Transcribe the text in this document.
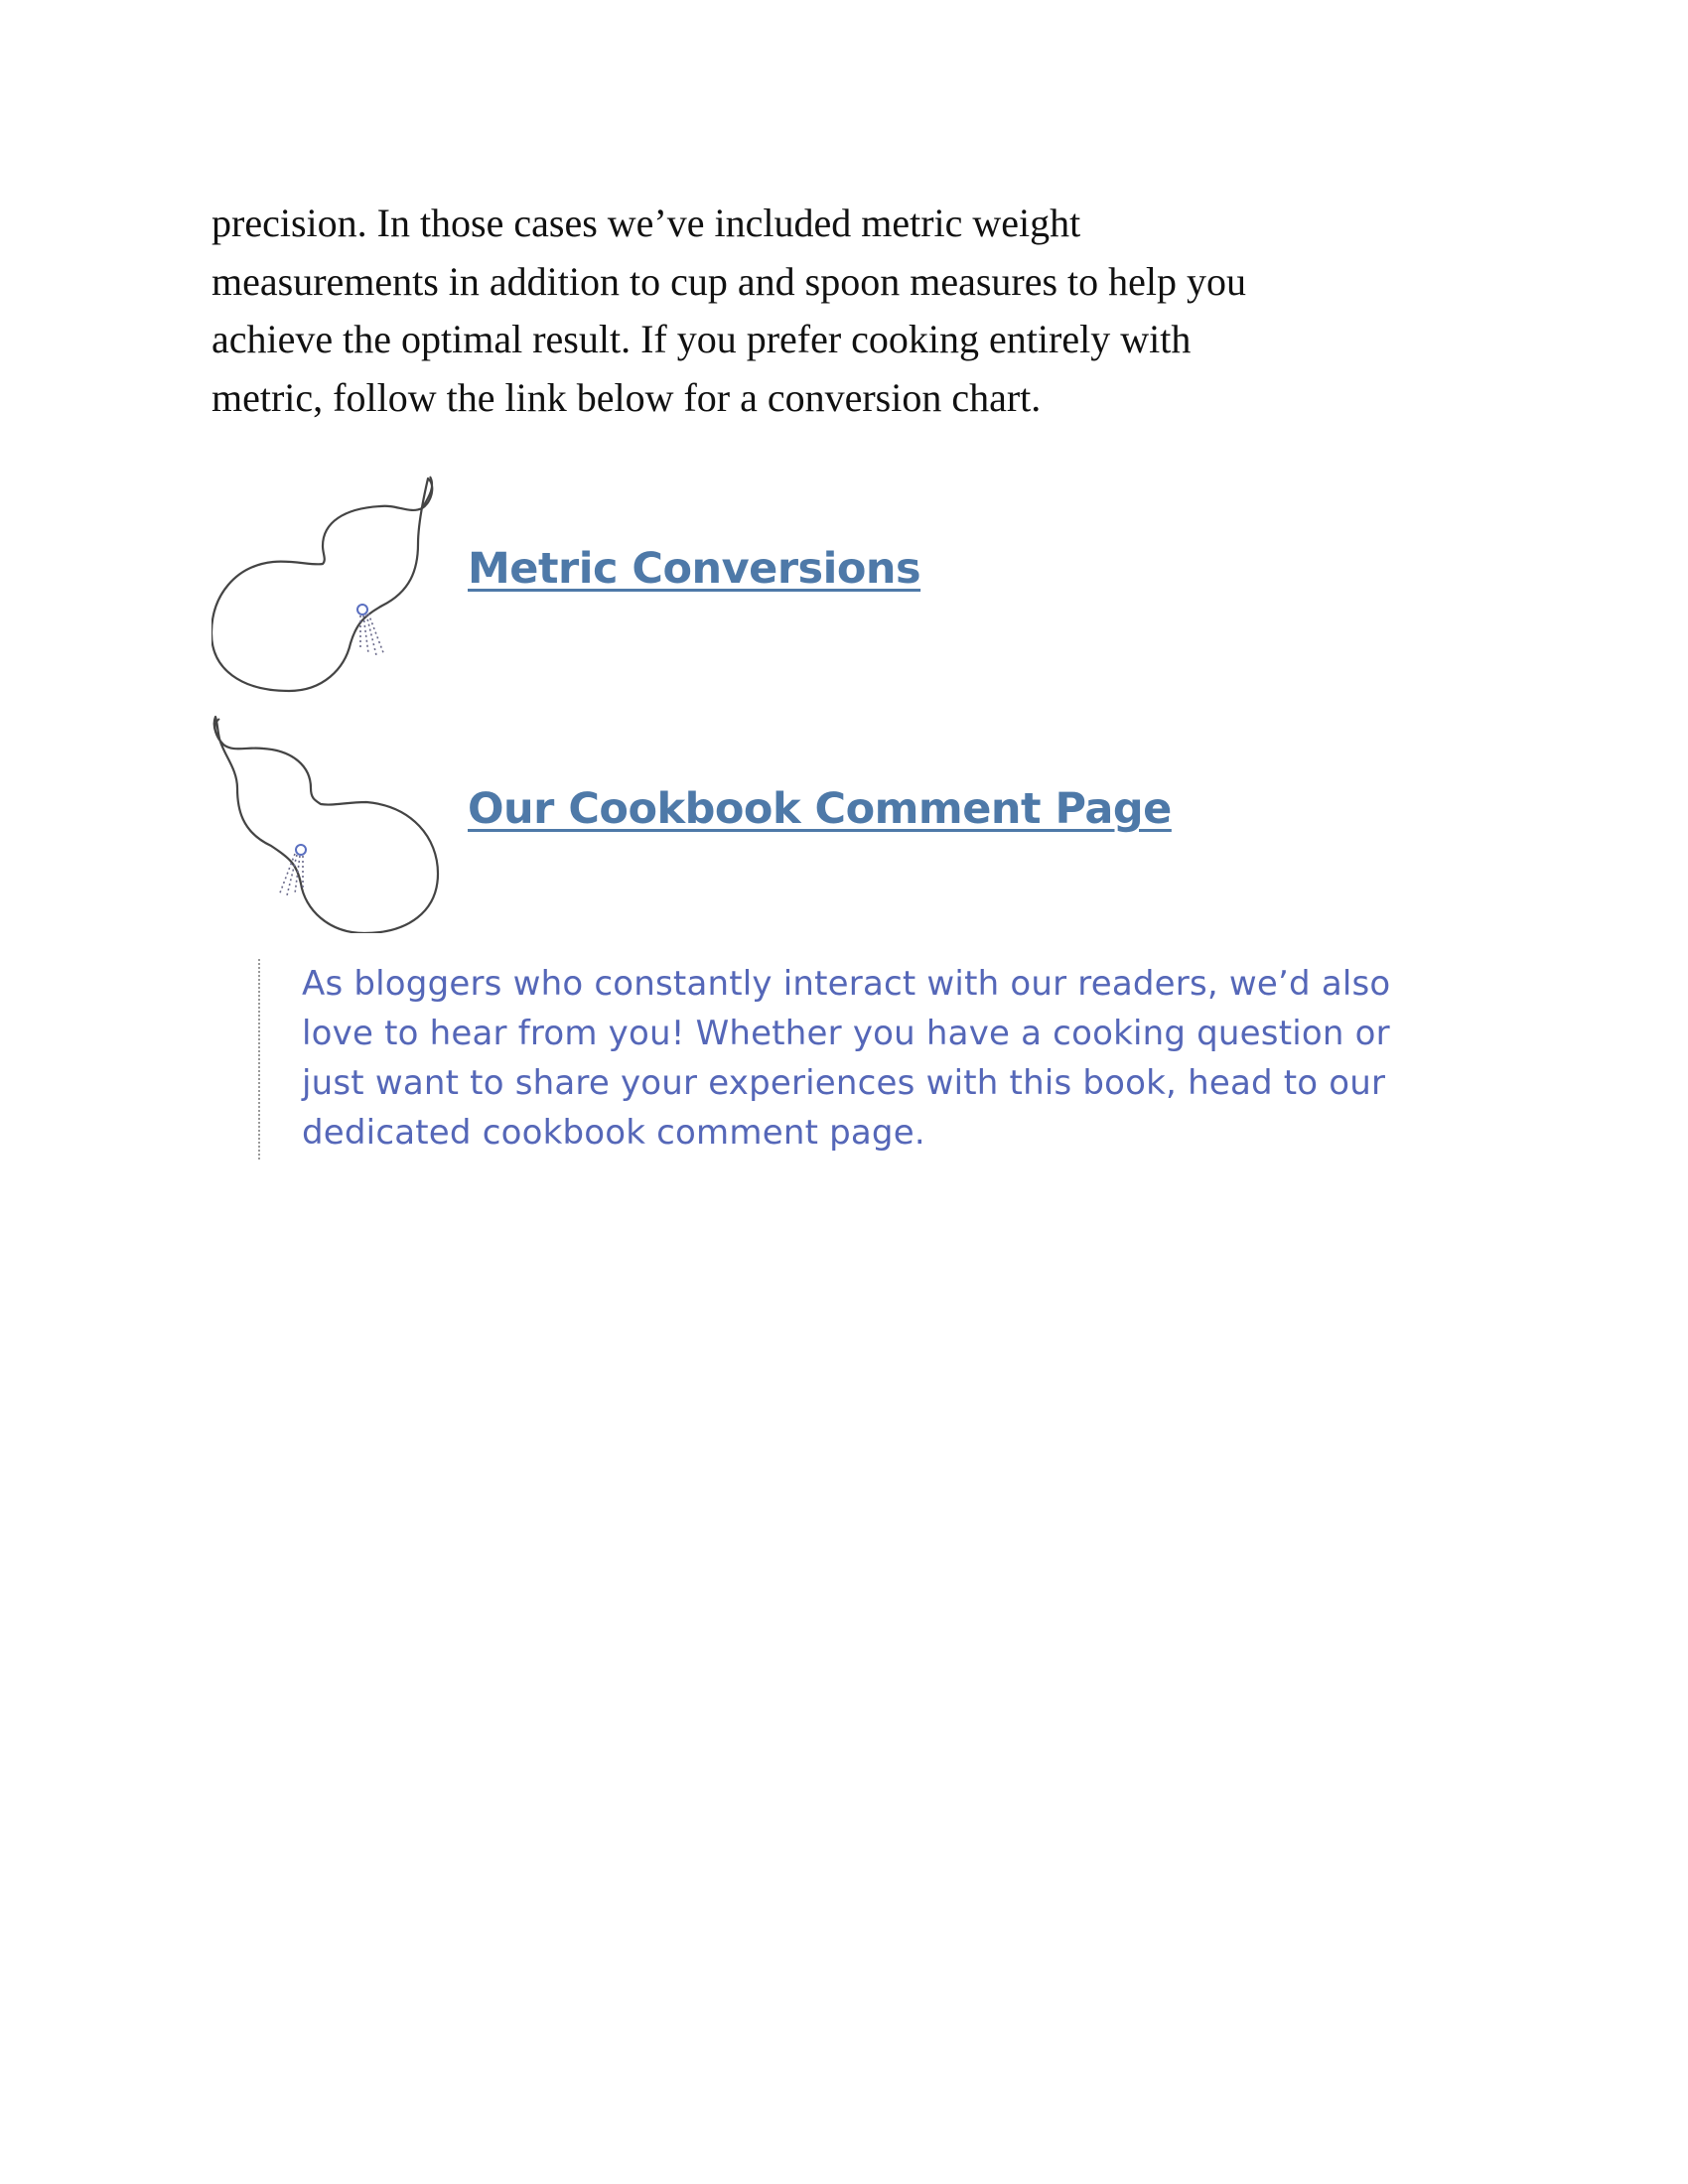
precision. In those cases we’ve included metric weight
measurements in addition to cup and spoon measures to help you
achieve the optimal result. If you prefer cooking entirely with
metric, follow the link below for a conversion chart.

Metric Conversions
Our Cookbook Comment Page

As bloggers who constantly interact with our readers, we’d also
love to hear from you! Whether you have a cooking question or
just want to share your experiences with this book, head to our
dedicated cookbook comment page.
